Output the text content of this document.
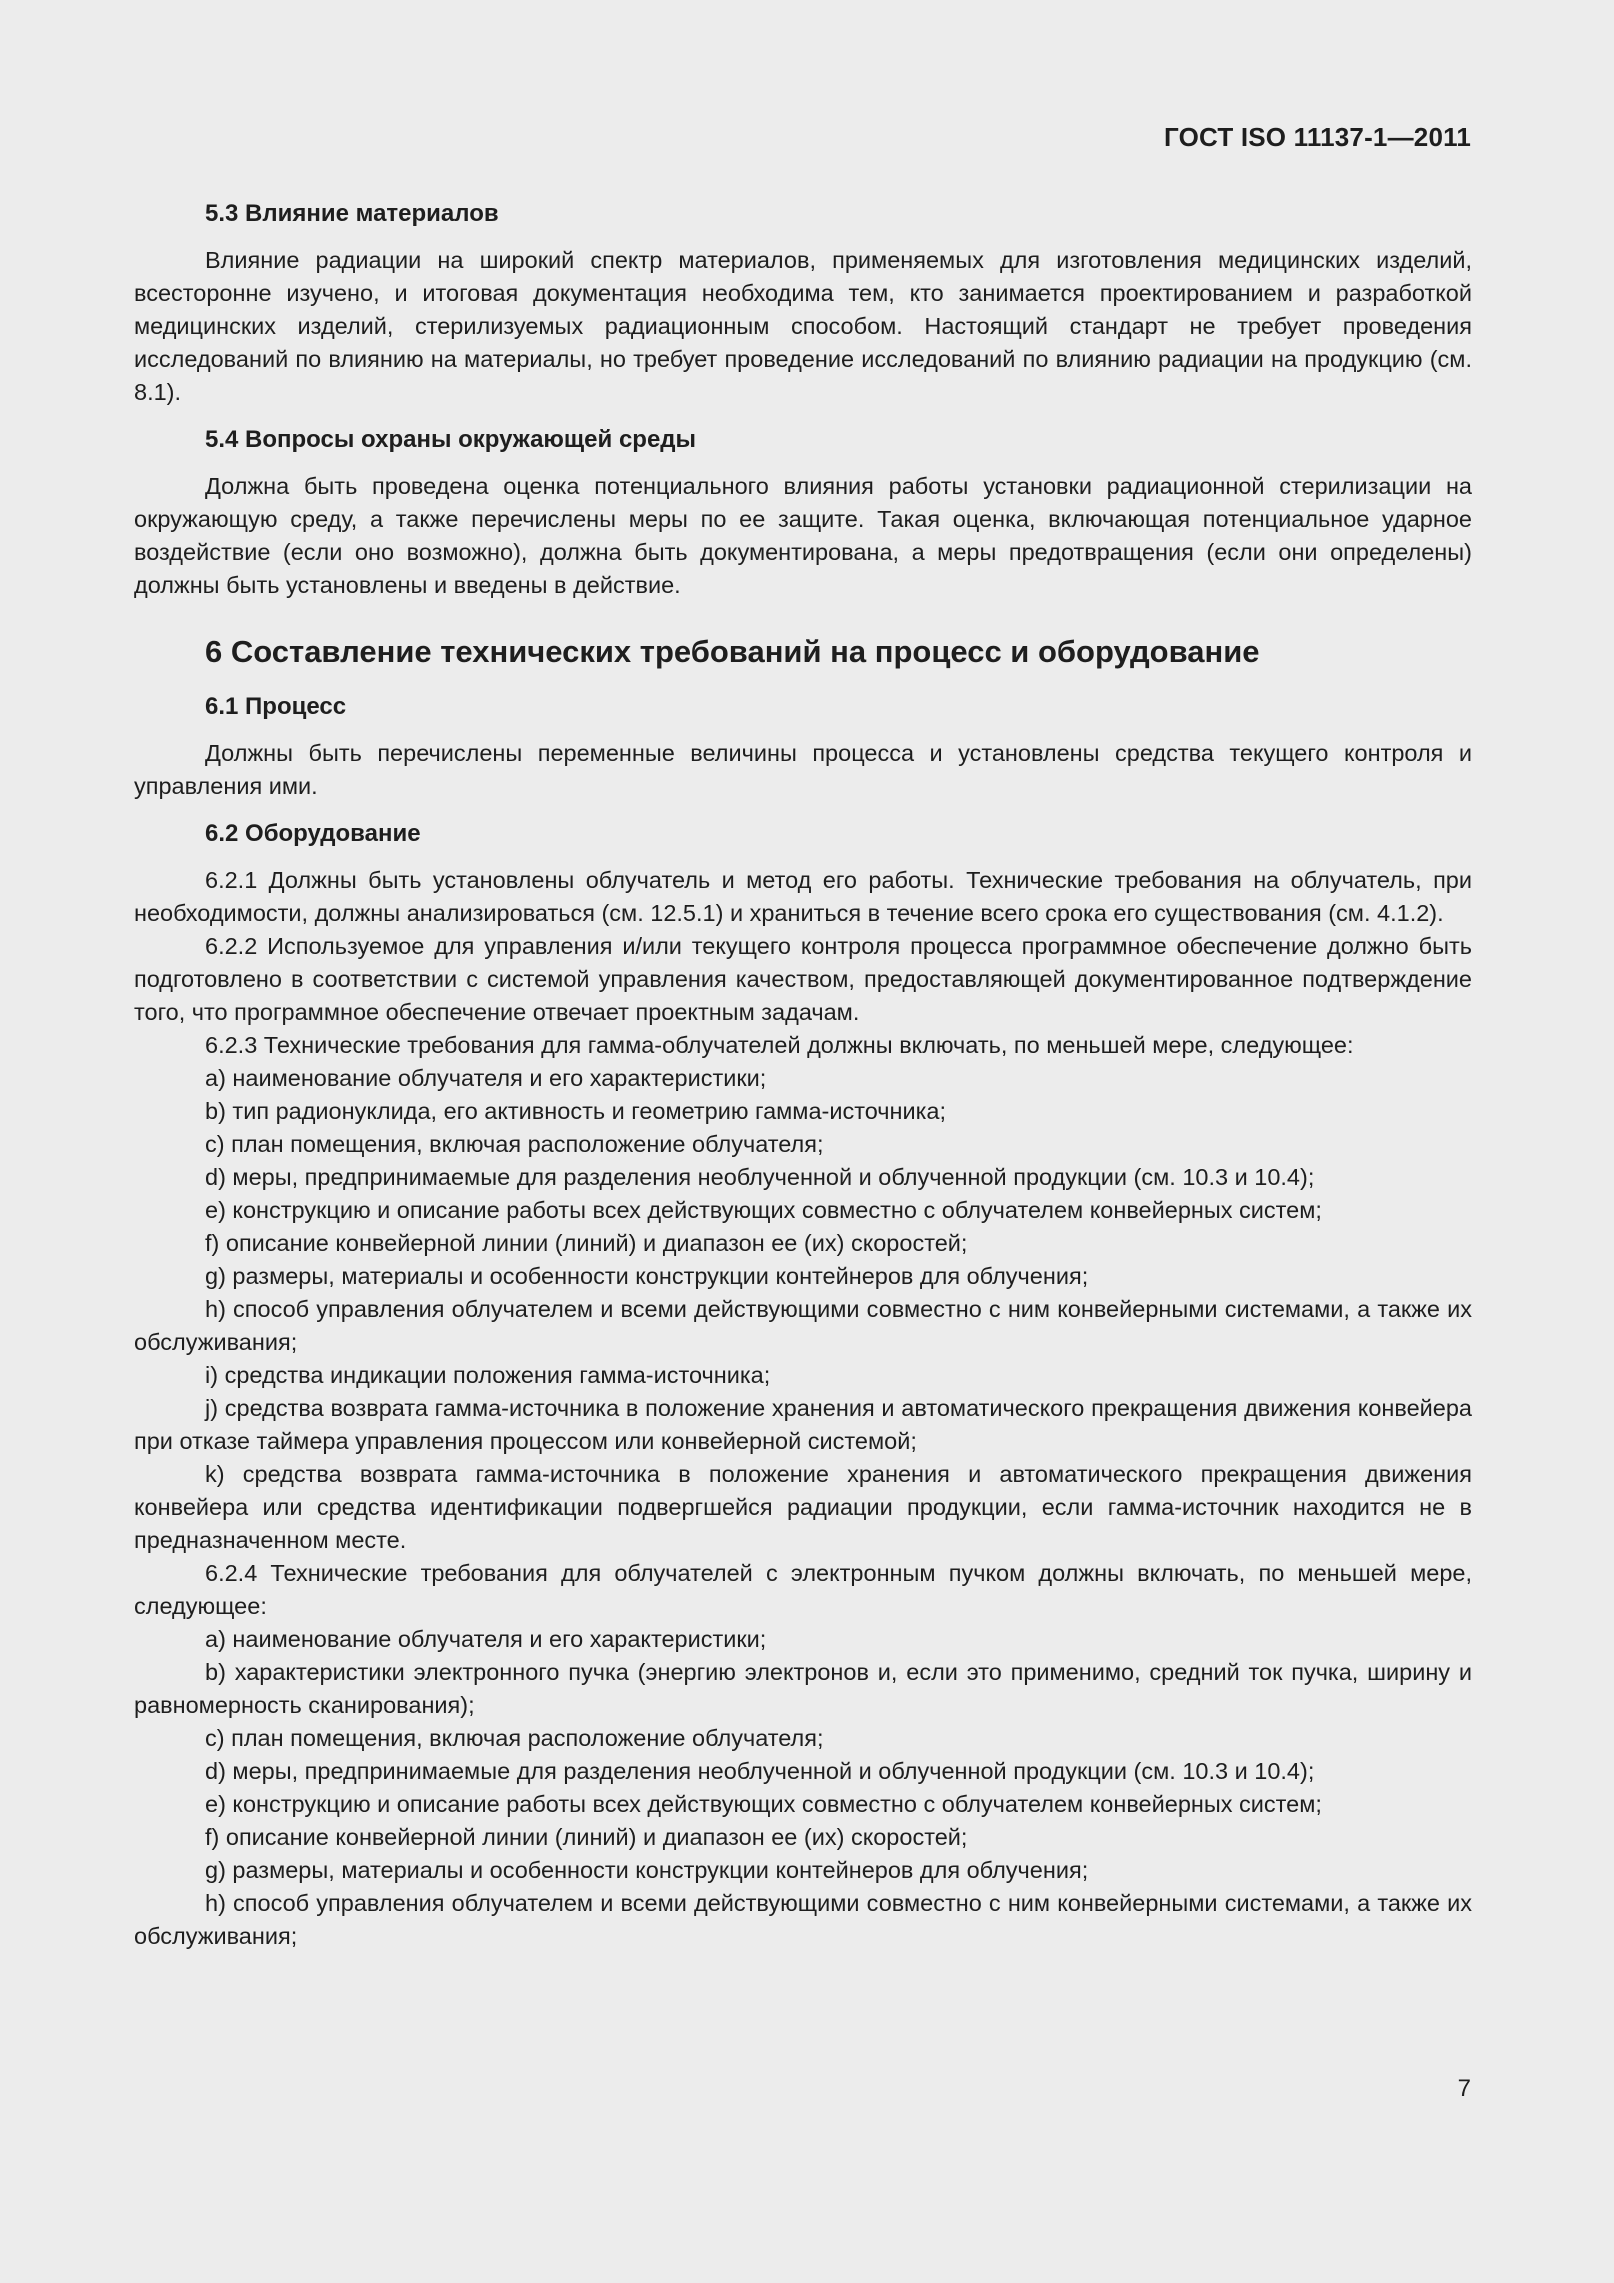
ГОСТ ISO 11137-1—2011
5.3 Влияние материалов

Влияние радиации на широкий спектр материалов, применяемых для изготовления медицинских изделий, всесторонне изучено, и итоговая документация необходима тем, кто занимается проектированием и разработкой медицинских изделий, стерилизуемых радиационным способом. Настоящий стандарт не требует проведения исследований по влиянию на материалы, но требует проведение исследований по влиянию радиации на продукцию (см. 8.1).

5.4 Вопросы охраны окружающей среды

Должна быть проведена оценка потенциального влияния работы установки радиационной стерилизации на окружающую среду, а также перечислены меры по ее защите. Такая оценка, включающая потенциальное ударное воздействие (если оно возможно), должна быть документирована, а меры предотвращения (если они определены) должны быть установлены и введены в действие.

6 Составление технических требований на процесс и оборудование
6.1 Процесс

Должны быть перечислены переменные величины процесса и установлены средства текущего контроля и управления ими.

6.2 Оборудование

6.2.1 Должны быть установлены облучатель и метод его работы. Технические требования на облучатель, при необходимости, должны анализироваться (см. 12.5.1) и храниться в течение всего срока его существования (см. 4.1.2).

6.2.2 Используемое для управления и/или текущего контроля процесса программное обеспечение должно быть подготовлено в соответствии с системой управления качеством, предоставляющей документированное подтверждение того, что программное обеспечение отвечает проектным задачам.

6.2.3 Технические требования для гамма-облучателей должны включать, по меньшей мере, следующее:

a) наименование облучателя и его характеристики;

b) тип радионуклида, его активность и геометрию гамма-источника;

c) план помещения, включая расположение облучателя;

d) меры, предпринимаемые для разделения необлученной и облученной продукции (см. 10.3 и 10.4);

e) конструкцию и описание работы всех действующих совместно с облучателем конвейерных систем;

f) описание конвейерной линии (линий) и диапазон ее (их) скоростей;

g) размеры, материалы и особенности конструкции контейнеров для облучения;

h) способ управления облучателем и всеми действующими совместно с ним конвейерными системами, а также их обслуживания;

i) средства индикации положения гамма-источника;

j) средства возврата гамма-источника в положение хранения и автоматического прекращения движения конвейера при отказе таймера управления процессом или конвейерной системой;

k) средства возврата гамма-источника в положение хранения и автоматического прекращения движения конвейера или средства идентификации подвергшейся радиации продукции, если гамма-источник находится не в предназначенном месте.

6.2.4 Технические требования для облучателей с электронным пучком должны включать, по меньшей мере, следующее:

a) наименование облучателя и его характеристики;

b) характеристики электронного пучка (энергию электронов и, если это применимо, средний ток пучка, ширину и равномерность сканирования);

c) план помещения, включая расположение облучателя;

d) меры, предпринимаемые для разделения необлученной и облученной продукции (см. 10.3 и 10.4);

e) конструкцию и описание работы всех действующих совместно с облучателем конвейерных систем;

f) описание конвейерной линии (линий) и диапазон ее (их) скоростей;

g) размеры, материалы и особенности конструкции контейнеров для облучения;

h) способ управления облучателем и всеми действующими совместно с ним конвейерными системами, а также их обслуживания;

7
